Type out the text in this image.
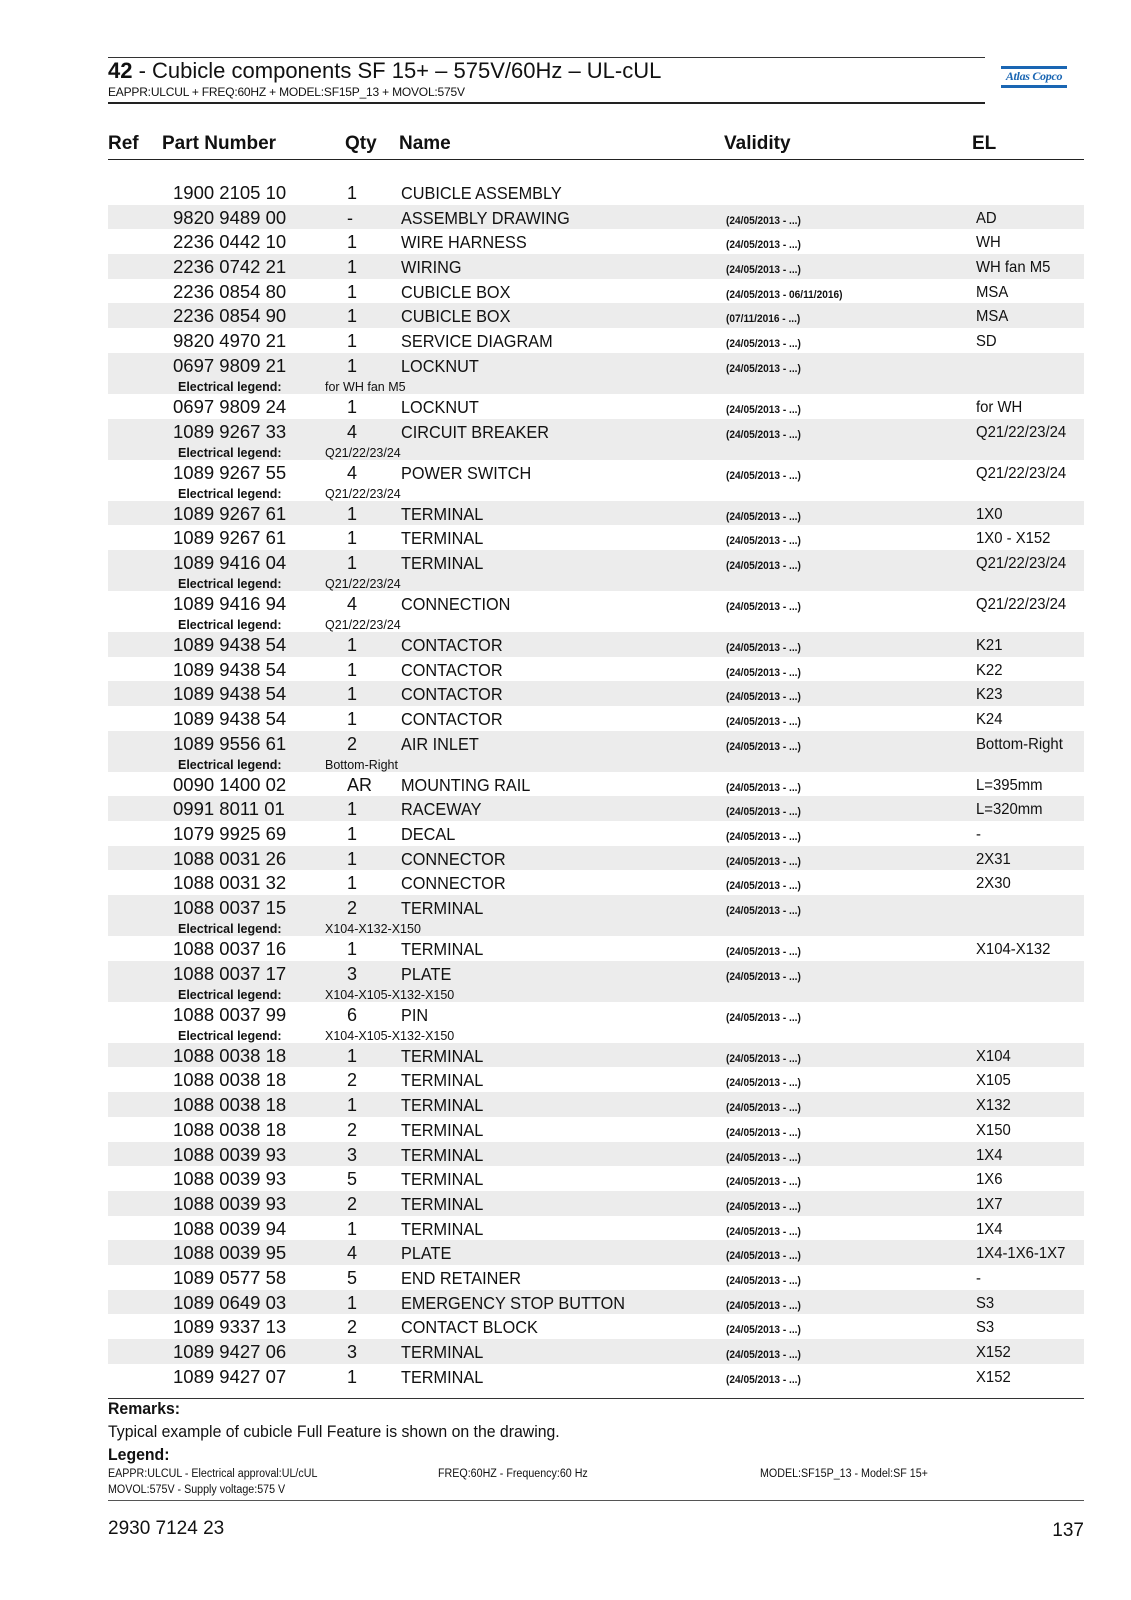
42 - Cubicle components SF 15+ – 575V/60Hz – UL-cUL
EAPPR:ULCUL + FREQ:60HZ + MODEL:SF15P_13 + MOVOL:575V
Atlas Copco
Ref Part Number	Qty Name	Validity	EL
1900 2105 10	1	CUBICLE ASSEMBLY
9820 9489 00	-	ASSEMBLY DRAWING	(24/05/2013 - ...)	AD
2236 0442 10	1	WIRE HARNESS	(24/05/2013 - ...)	WH
2236 0742 21	1	WIRING	(24/05/2013 - ...)	WH fan M5
2236 0854 80	1	CUBICLE BOX	(24/05/2013 - 06/11/2016)	MSA
2236 0854 90	1	CUBICLE BOX	(07/11/2016 - ...)	MSA
9820 4970 21	1	SERVICE DIAGRAM	(24/05/2013 - ...)	SD
0697 9809 21	1	LOCKNUT	(24/05/2013 - ...)
Electrical legend:	for WH fan M5
0697 9809 24	1	LOCKNUT	(24/05/2013 - ...)	for WH
1089 9267 33	4	CIRCUIT BREAKER	(24/05/2013 - ...)	Q21/22/23/24
Electrical legend:	Q21/22/23/24
1089 9267 55	4	POWER SWITCH	(24/05/2013 - ...)	Q21/22/23/24
Electrical legend:	Q21/22/23/24
1089 9267 61	1	TERMINAL	(24/05/2013 - ...)	1X0
1089 9267 61	1	TERMINAL	(24/05/2013 - ...)	1X0 - X152
1089 9416 04	1	TERMINAL	(24/05/2013 - ...)	Q21/22/23/24
Electrical legend:	Q21/22/23/24
1089 9416 94	4	CONNECTION	(24/05/2013 - ...)	Q21/22/23/24
Electrical legend:	Q21/22/23/24
1089 9438 54	1	CONTACTOR	(24/05/2013 - ...)	K21
1089 9438 54	1	CONTACTOR	(24/05/2013 - ...)	K22
1089 9438 54	1	CONTACTOR	(24/05/2013 - ...)	K23
1089 9438 54	1	CONTACTOR	(24/05/2013 - ...)	K24
1089 9556 61	2	AIR INLET	(24/05/2013 - ...)	Bottom-Right
Electrical legend:	Bottom-Right
0090 1400 02	AR MOUNTING RAIL	(24/05/2013 - ...)	L=395mm
0991 8011 01	1	RACEWAY	(24/05/2013 - ...)	L=320mm
1079 9925 69	1	DECAL	(24/05/2013 - ...)	-
1088 0031 26	1	CONNECTOR	(24/05/2013 - ...)	2X31
1088 0031 32	1	CONNECTOR	(24/05/2013 - ...)	2X30
1088 0037 15	2	TERMINAL	(24/05/2013 - ...)
Electrical legend:	X104-X132-X150
1088 0037 16	1	TERMINAL	(24/05/2013 - ...)	X104-X132
1088 0037 17	3	PLATE	(24/05/2013 - ...)
Electrical legend:	X104-X105-X132-X150
1088 0037 99	6	PIN	(24/05/2013 - ...)
Electrical legend:	X104-X105-X132-X150
1088 0038 18	1	TERMINAL	(24/05/2013 - ...)	X104
1088 0038 18	2	TERMINAL	(24/05/2013 - ...)	X105
1088 0038 18	1	TERMINAL	(24/05/2013 - ...)	X132
1088 0038 18	2	TERMINAL	(24/05/2013 - ...)	X150
1088 0039 93	3	TERMINAL	(24/05/2013 - ...)	1X4
1088 0039 93	5	TERMINAL	(24/05/2013 - ...)	1X6
1088 0039 93	2	TERMINAL	(24/05/2013 - ...)	1X7
1088 0039 94	1	TERMINAL	(24/05/2013 - ...)	1X4
1088 0039 95	4	PLATE	(24/05/2013 - ...)	1X4-1X6-1X7
1089 0577 58	5	END RETAINER	(24/05/2013 - ...)	-
1089 0649 03	1	EMERGENCY STOP BUTTON	(24/05/2013 - ...)	S3
1089 9337 13	2	CONTACT BLOCK	(24/05/2013 - ...)	S3
1089 9427 06	3	TERMINAL	(24/05/2013 - ...)	X152
1089 9427 07	1	TERMINAL	(24/05/2013 - ...)	X152
Remarks:
Typical example of cubicle Full Feature is shown on the drawing.
Legend:
EAPPR:ULCUL - Electrical approval:UL/cUL	FREQ:60HZ - Frequency:60 Hz	MODEL:SF15P_13 - Model:SF 15+
MOVOL:575V - Supply voltage:575 V
2930 7124 23	137
